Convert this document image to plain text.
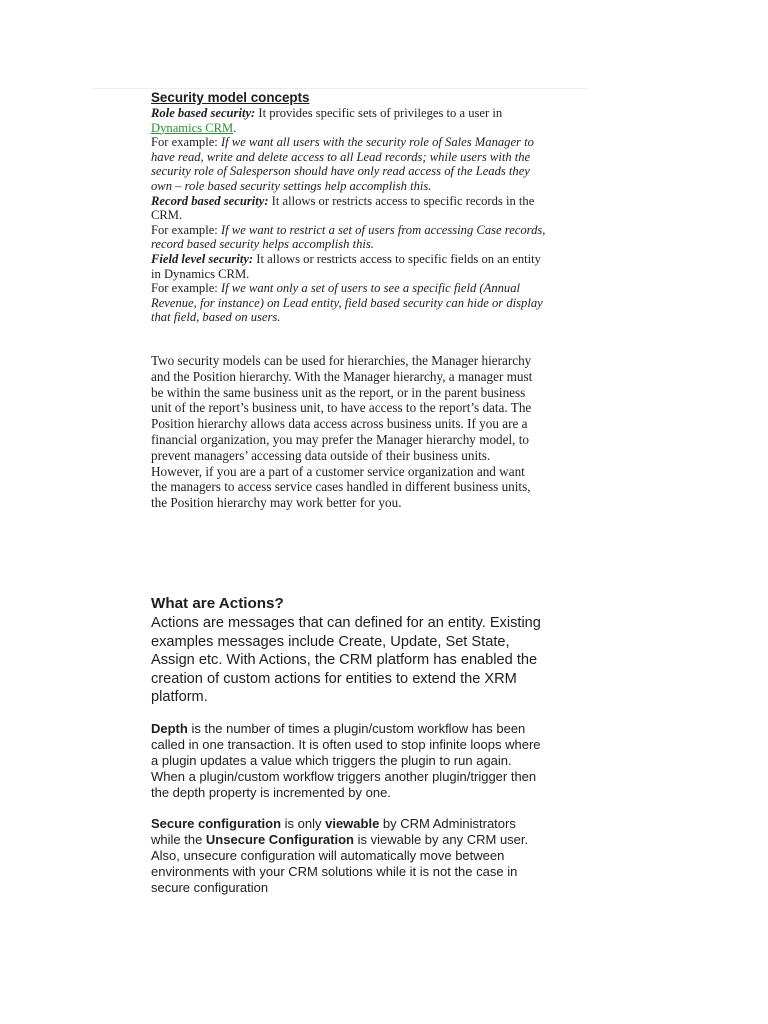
Security model concepts

Role based security: It provides specific sets of privileges to a user in Dynamics CRM.

For example: If we want all users with the security role of Sales Manager to have read, write and delete access to all Lead records; while users with the security role of Salesperson should have only read access of the Leads they own – role based security settings help accomplish this.

Record based security: It allows or restricts access to specific records in the CRM.

For example: If we want to restrict a set of users from accessing Case records, record based security helps accomplish this.

Field level security: It allows or restricts access to specific fields on an entity in Dynamics CRM.

For example: If we want only a set of users to see a specific field (Annual Revenue, for instance) on Lead entity, field based security can hide or display that field, based on users.

Two security models can be used for hierarchies, the Manager hierarchy and the Position hierarchy. With the Manager hierarchy, a manager must be within the same business unit as the report, or in the parent business unit of the report’s business unit, to have access to the report’s data. The Position hierarchy allows data access across business units. If you are a financial organization, you may prefer the Manager hierarchy model, to prevent managers’ accessing data outside of their business units. However, if you are a part of a customer service organization and want the managers to access service cases handled in different business units, the Position hierarchy may work better for you.

What are Actions?

Actions are messages that can defined for an entity. Existing examples messages include Create, Update, Set State, Assign etc. With Actions, the CRM platform has enabled the creation of custom actions for entities to extend the XRM platform.

Depth is the number of times a plugin/custom workflow has been called in one transaction. It is often used to stop infinite loops where a plugin updates a value which triggers the plugin to run again. When a plugin/custom workflow triggers another plugin/trigger then the depth property is incremented by one.

Secure configuration is only viewable by CRM Administrators while the Unsecure Configuration is viewable by any CRM user. Also, unsecure configuration will automatically move between environments with your CRM solutions while it is not the case in secure configuration
